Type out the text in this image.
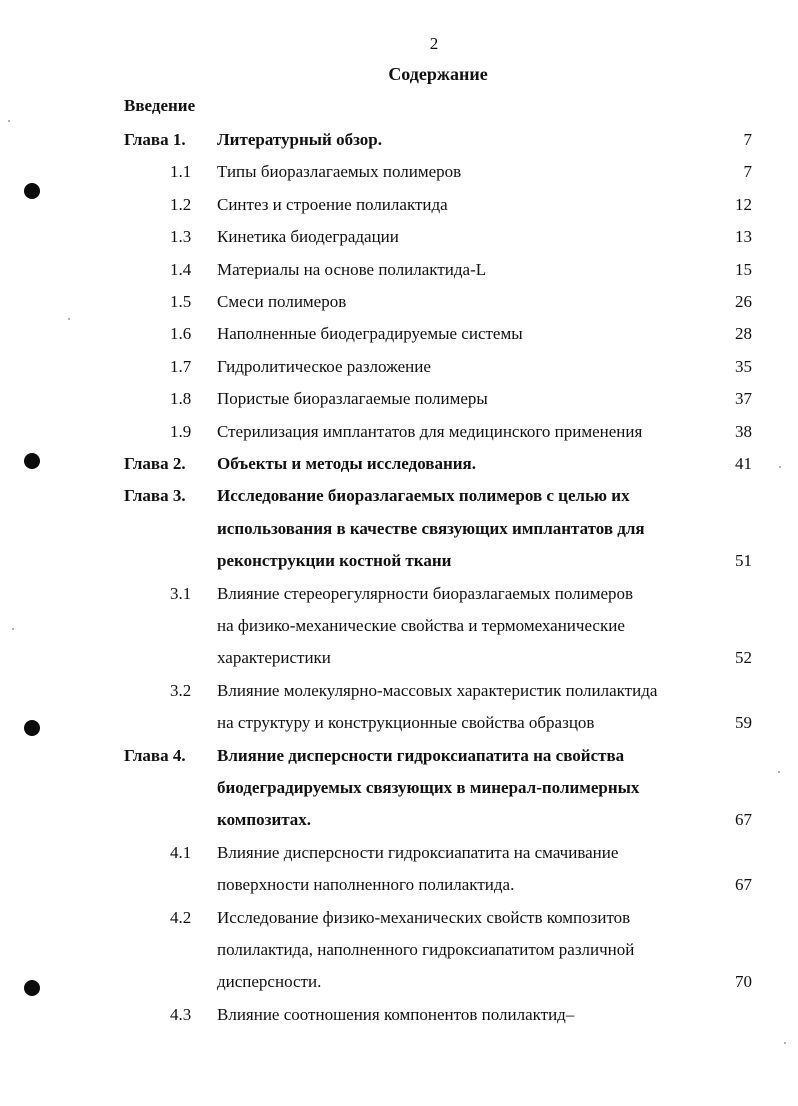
2
Содержание
Введение
Глава 1. Литературный обзор.	7
1.1 Типы биоразлагаемых полимеров	7
1.2 Синтез и строение полилактида	12
1.3 Кинетика биодеградации	13
1.4 Материалы на основе полилактида-L	15
1.5 Смеси полимеров	26
1.6 Наполненные биодеградируемые системы	28
1.7 Гидролитическое разложение	35
1.8 Пористые биоразлагаемые полимеры	37
1.9 Стерилизация имплантатов для медицинского применения	38
Глава 2. Объекты и методы исследования.	41
Глава 3. Исследование биоразлагаемых полимеров с целью их
использования в качестве связующих имплантатов для
реконструкции костной ткани	51
3.1 Влияние стереорегулярности биоразлагаемых полимеров
на физико-механические свойства и термомеханические
характеристики	52
3.2 Влияние молекулярно-массовых характеристик полилактида
на структуру и конструкционные свойства образцов	59
Глава 4. Влияние дисперсности гидроксиапатита на свойства
биодеградируемых связующих в минерал-полимерных
композитах.	67
4.1 Влияние дисперсности гидроксиапатита на смачивание
поверхности наполненного полилактида.	67
4.2 Исследование физико-механических свойств композитов
полилактида, наполненного гидроксиапатитом различной
дисперсности.	70
4.3 Влияние соотношения компонентов полилактид–
